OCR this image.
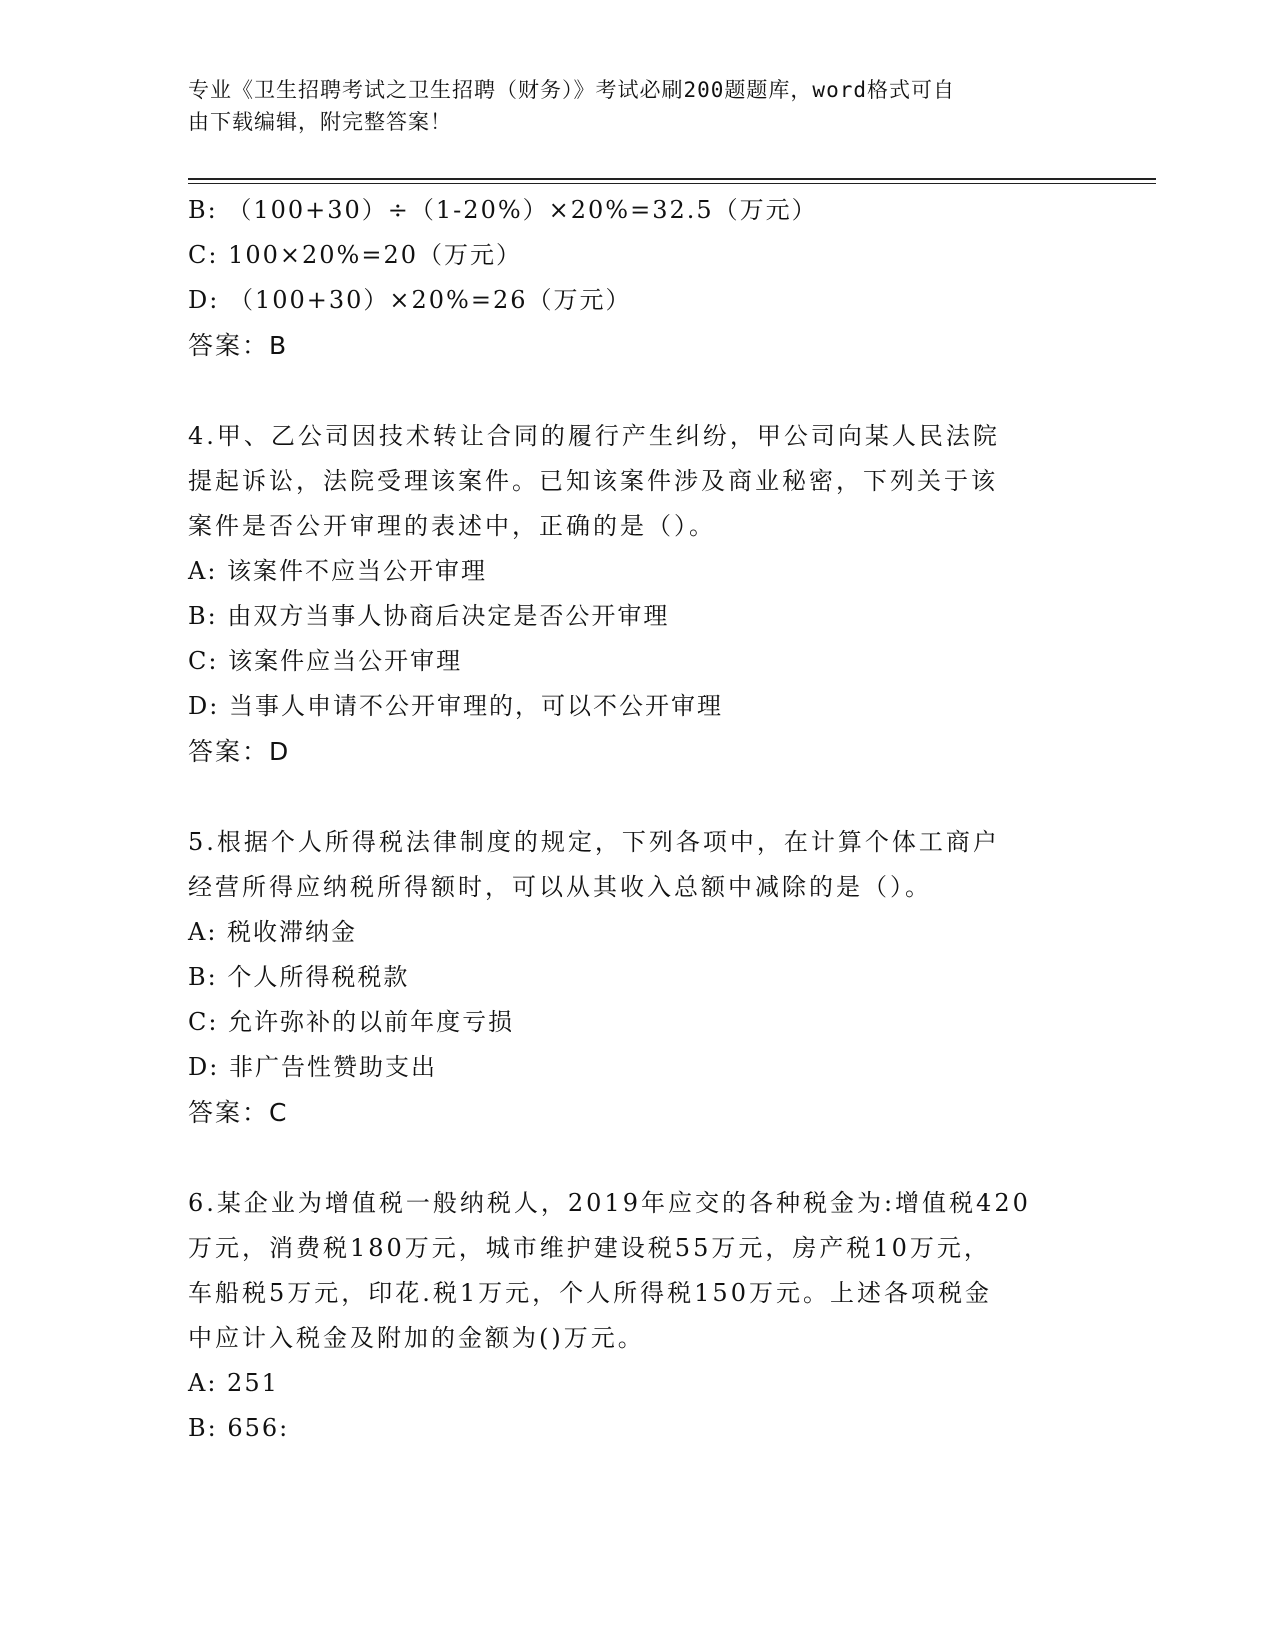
专业《卫生招聘考试之卫生招聘（财务）》考试必刷200题题库，word格式可自
由下载编辑，附完整答案！
B: （100+30）÷（1-20%）×20%=32.5（万元）
C: 100×20%=20（万元）
D: （100+30）×20%=26（万元）
答案：B
4.甲、乙公司因技术转让合同的履行产生纠纷，甲公司向某人民法院
提起诉讼，法院受理该案件。已知该案件涉及商业秘密，下列关于该
案件是否公开审理的表述中，正确的是（）。
A: 该案件不应当公开审理
B: 由双方当事人协商后决定是否公开审理
C: 该案件应当公开审理
D: 当事人申请不公开审理的，可以不公开审理
答案：D
5.根据个人所得税法律制度的规定，下列各项中，在计算个体工商户
经营所得应纳税所得额时，可以从其收入总额中减除的是（）。
A: 税收滞纳金
B: 个人所得税税款
C: 允许弥补的以前年度亏损
D: 非广告性赞助支出
答案：C
6.某企业为增值税一般纳税人，2019年应交的各种税金为:增值税420
万元，消费税180万元，城市维护建设税55万元，房产税10万元，
车船税5万元，印花.税1万元，个人所得税150万元。上述各项税金
中应计入税金及附加的金额为()万元。
A: 251
B: 656:
